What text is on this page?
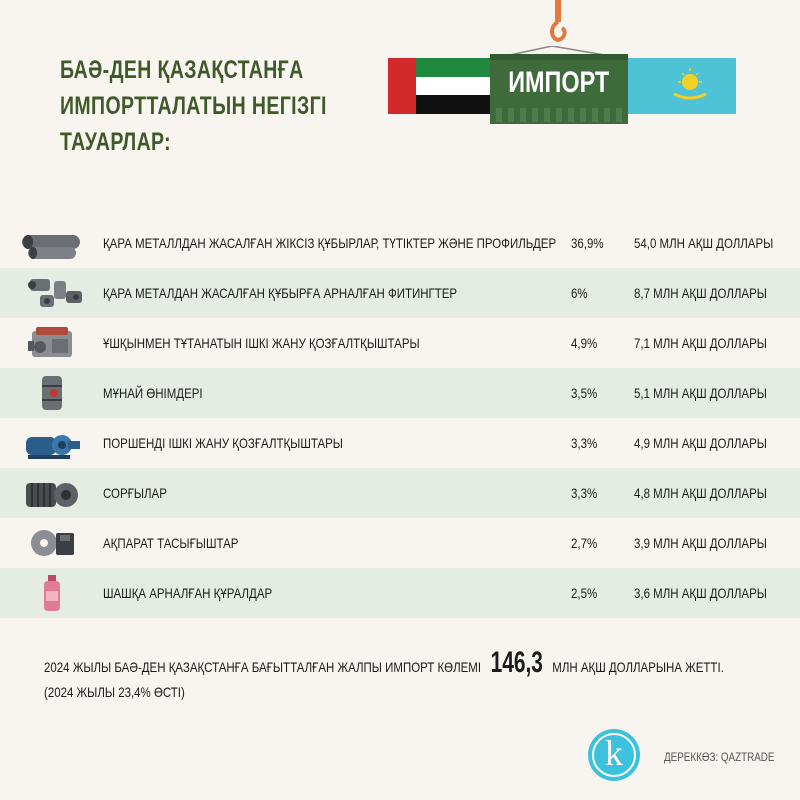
БАӘ-ДЕН ҚАЗАҚСТАНҒА
ИМПОРТТАЛАТЫН НЕГІЗГІ
ТАУАРЛАР:
ИМПОРТ
ҚАРА МЕТАЛЛДАН ЖАСАЛҒАН ЖІКСІЗ ҚҰБЫРЛАР, ТҮТІКТЕР ЖӘНЕ ПРОФИЛЬДЕР	36,9%	54,0 МЛН АҚШ ДОЛЛАРЫ
ҚАРА МЕТАЛДАН ЖАСАЛҒАН ҚҰБЫРҒА АРНАЛҒАН ФИТИНГТЕР	6%	8,7 МЛН АҚШ ДОЛЛАРЫ
ҰШҚЫНМЕН ТҰТАНАТЫН ІШКІ ЖАНУ ҚОЗҒАЛТҚЫШТАРЫ	4,9%	7,1 МЛН АҚШ ДОЛЛАРЫ
МҰНАЙ ӨНІМДЕРІ	3,5%	5,1 МЛН АҚШ ДОЛЛАРЫ
ПОРШЕНДІ ІШКІ ЖАНУ ҚОЗҒАЛТҚЫШТАРЫ	3,3%	4,9 МЛН АҚШ ДОЛЛАРЫ
СОРҒЫЛАР	3,3%	4,8 МЛН АҚШ ДОЛЛАРЫ
АҚПАРАТ ТАСЫҒЫШТАР	2,7%	3,9 МЛН АҚШ ДОЛЛАРЫ
ШАШҚА АРНАЛҒАН ҚҰРАЛДАР	2,5%	3,6 МЛН АҚШ ДОЛЛАРЫ
2024 ЖЫЛЫ БАӘ-ДЕН ҚАЗАҚСТАНҒА БАҒЫТТАЛҒАН ЖАЛПЫ ИМПОРТ КӨЛЕМІ 146,3 МЛН АҚШ ДОЛЛАРЫНА ЖЕТТІ.
(2024 ЖЫЛЫ 23,4% ӨСТІ)
k	ДЕРЕККӨЗ: QAZTRADE
